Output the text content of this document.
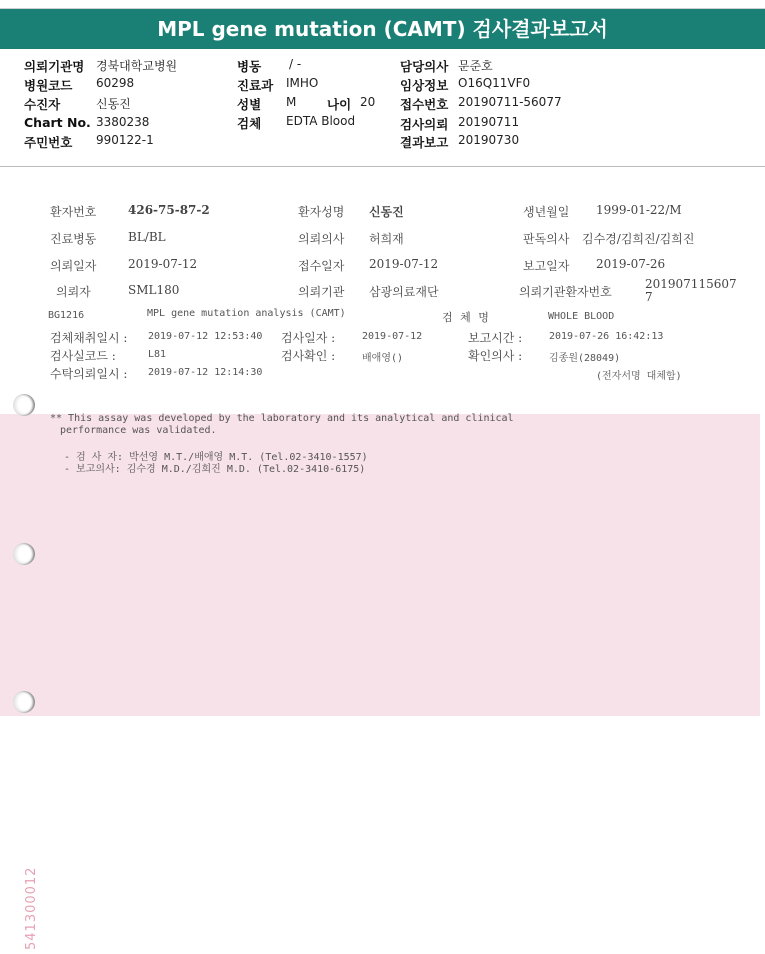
MPL gene mutation (CAMT) 검사결과보고서
의뢰기관명 경북대학교병원
병원코드 60298
수진자	신동진
Chart No. 3380238
주민번호 990122-1
병동 / -
진료과 IMHO
성별 M 나이 20
검체 EDTA Blood
담당의사 문준호
임상정보 O16Q11VF0
접수번호 20190711-56077
검사의뢰 20190711
결과보고 20190730
환자번호	426-75-87-2	환자성명 신동진	생년월일 1999-01-22/M
진료병동	BL/BL	의뢰의사 허희재	판독의사 김수경/김희진/김희진
의뢰일자	2019-07-12	접수일자 2019-07-12	보고일자 2019-07-26
의뢰자	SML180	의뢰기관 삼광의료재단	의뢰기관환자번호
201907115607
7
BG1216	MPL gene mutation analysis (CAMT)	검 체 명	WHOLE BLOOD
검체채취일시 : 2019-07-12 12:53:40 검사일자 :	2019-07-12	보고시간 :	2019-07-26 16:42:13
검사실코드 :	L81	검사확인 :	배애영()	확인의사 :	김종원(28049)
수탁의뢰일시 : 2019-07-12 12:14:30	(전자서명 대체함)
** This assay was developed by the laboratory and its analytical and clinical
performance was validated.
- 검 사 자: 박선영 M.T./배애영 M.T. (Tel.02-3410-1557)
- 보고의사: 김수경 M.D./김희진 M.D. (Tel.02-3410-6175)
541300012
